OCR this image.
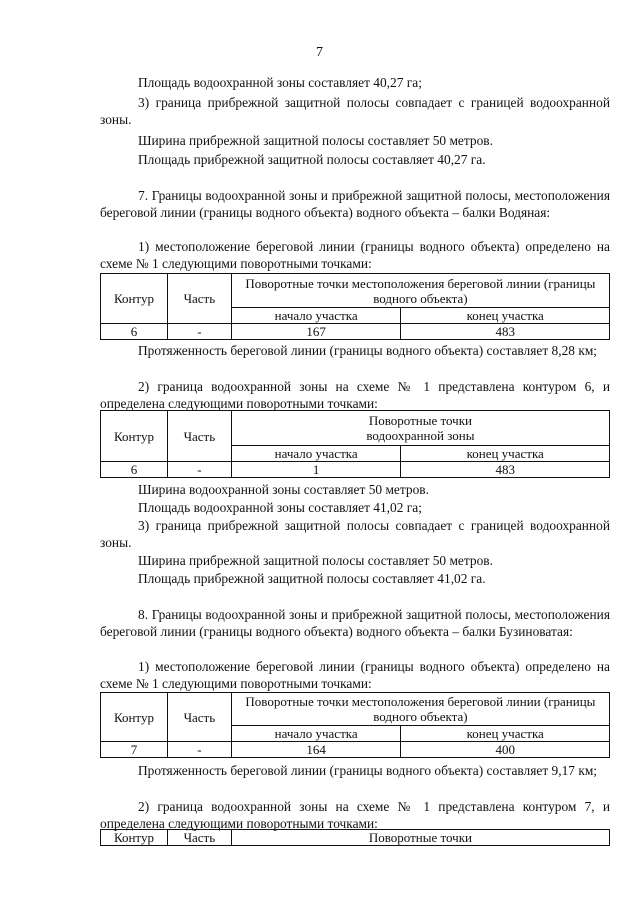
7
Площадь водоохранной зоны составляет 40,27 га;
3) граница прибрежной защитной полосы совпадает с границей водоохранной зоны.
Ширина прибрежной защитной полосы составляет 50 метров.
Площадь прибрежной защитной полосы составляет 40,27 га.
7. Границы водоохранной зоны и прибрежной защитной полосы, местоположения береговой линии (границы водного объекта) водного объекта – балки Водяная:
1) местоположение береговой линии (границы водного объекта) определено на схеме № 1 следующими поворотными точками:
Контур	Часть	Поворотные точки местоположения береговой линии (границы водного объекта)	
		начало участка	конец участка
6	-	167	483
Протяженность береговой линии (границы водного объекта) составляет 8,28 км;
2) граница водоохранной зоны на схеме № 1 представлена контуром 6, и определена следующими поворотными точками:
Контур	Часть	Поворотные точки
водоохранной зоны	

		начало участка	конец участка
6	-	1	483
Ширина водоохранной зоны составляет 50 метров.
Площадь водоохранной зоны составляет 41,02 га;
3) граница прибрежной защитной полосы совпадает с границей водоохранной зоны.
Ширина прибрежной защитной полосы составляет 50 метров.
Площадь прибрежной защитной полосы составляет 41,02 га.
8. Границы водоохранной зоны и прибрежной защитной полосы, местоположения береговой линии (границы водного объекта) водного объекта – балки Бузиноватая:
1) местоположение береговой линии (границы водного объекта) определено на схеме № 1 следующими поворотными точками:
Контур	Часть	Поворотные точки местоположения береговой линии (границы водного объекта)	
		начало участка	конец участка
7	-	164	400
Протяженность береговой линии (границы водного объекта) составляет 9,17 км;
2) граница водоохранной зоны на схеме № 1 представлена контуром 7, и определена следующими поворотными точками:
Контур	Часть	Поворотные точки
